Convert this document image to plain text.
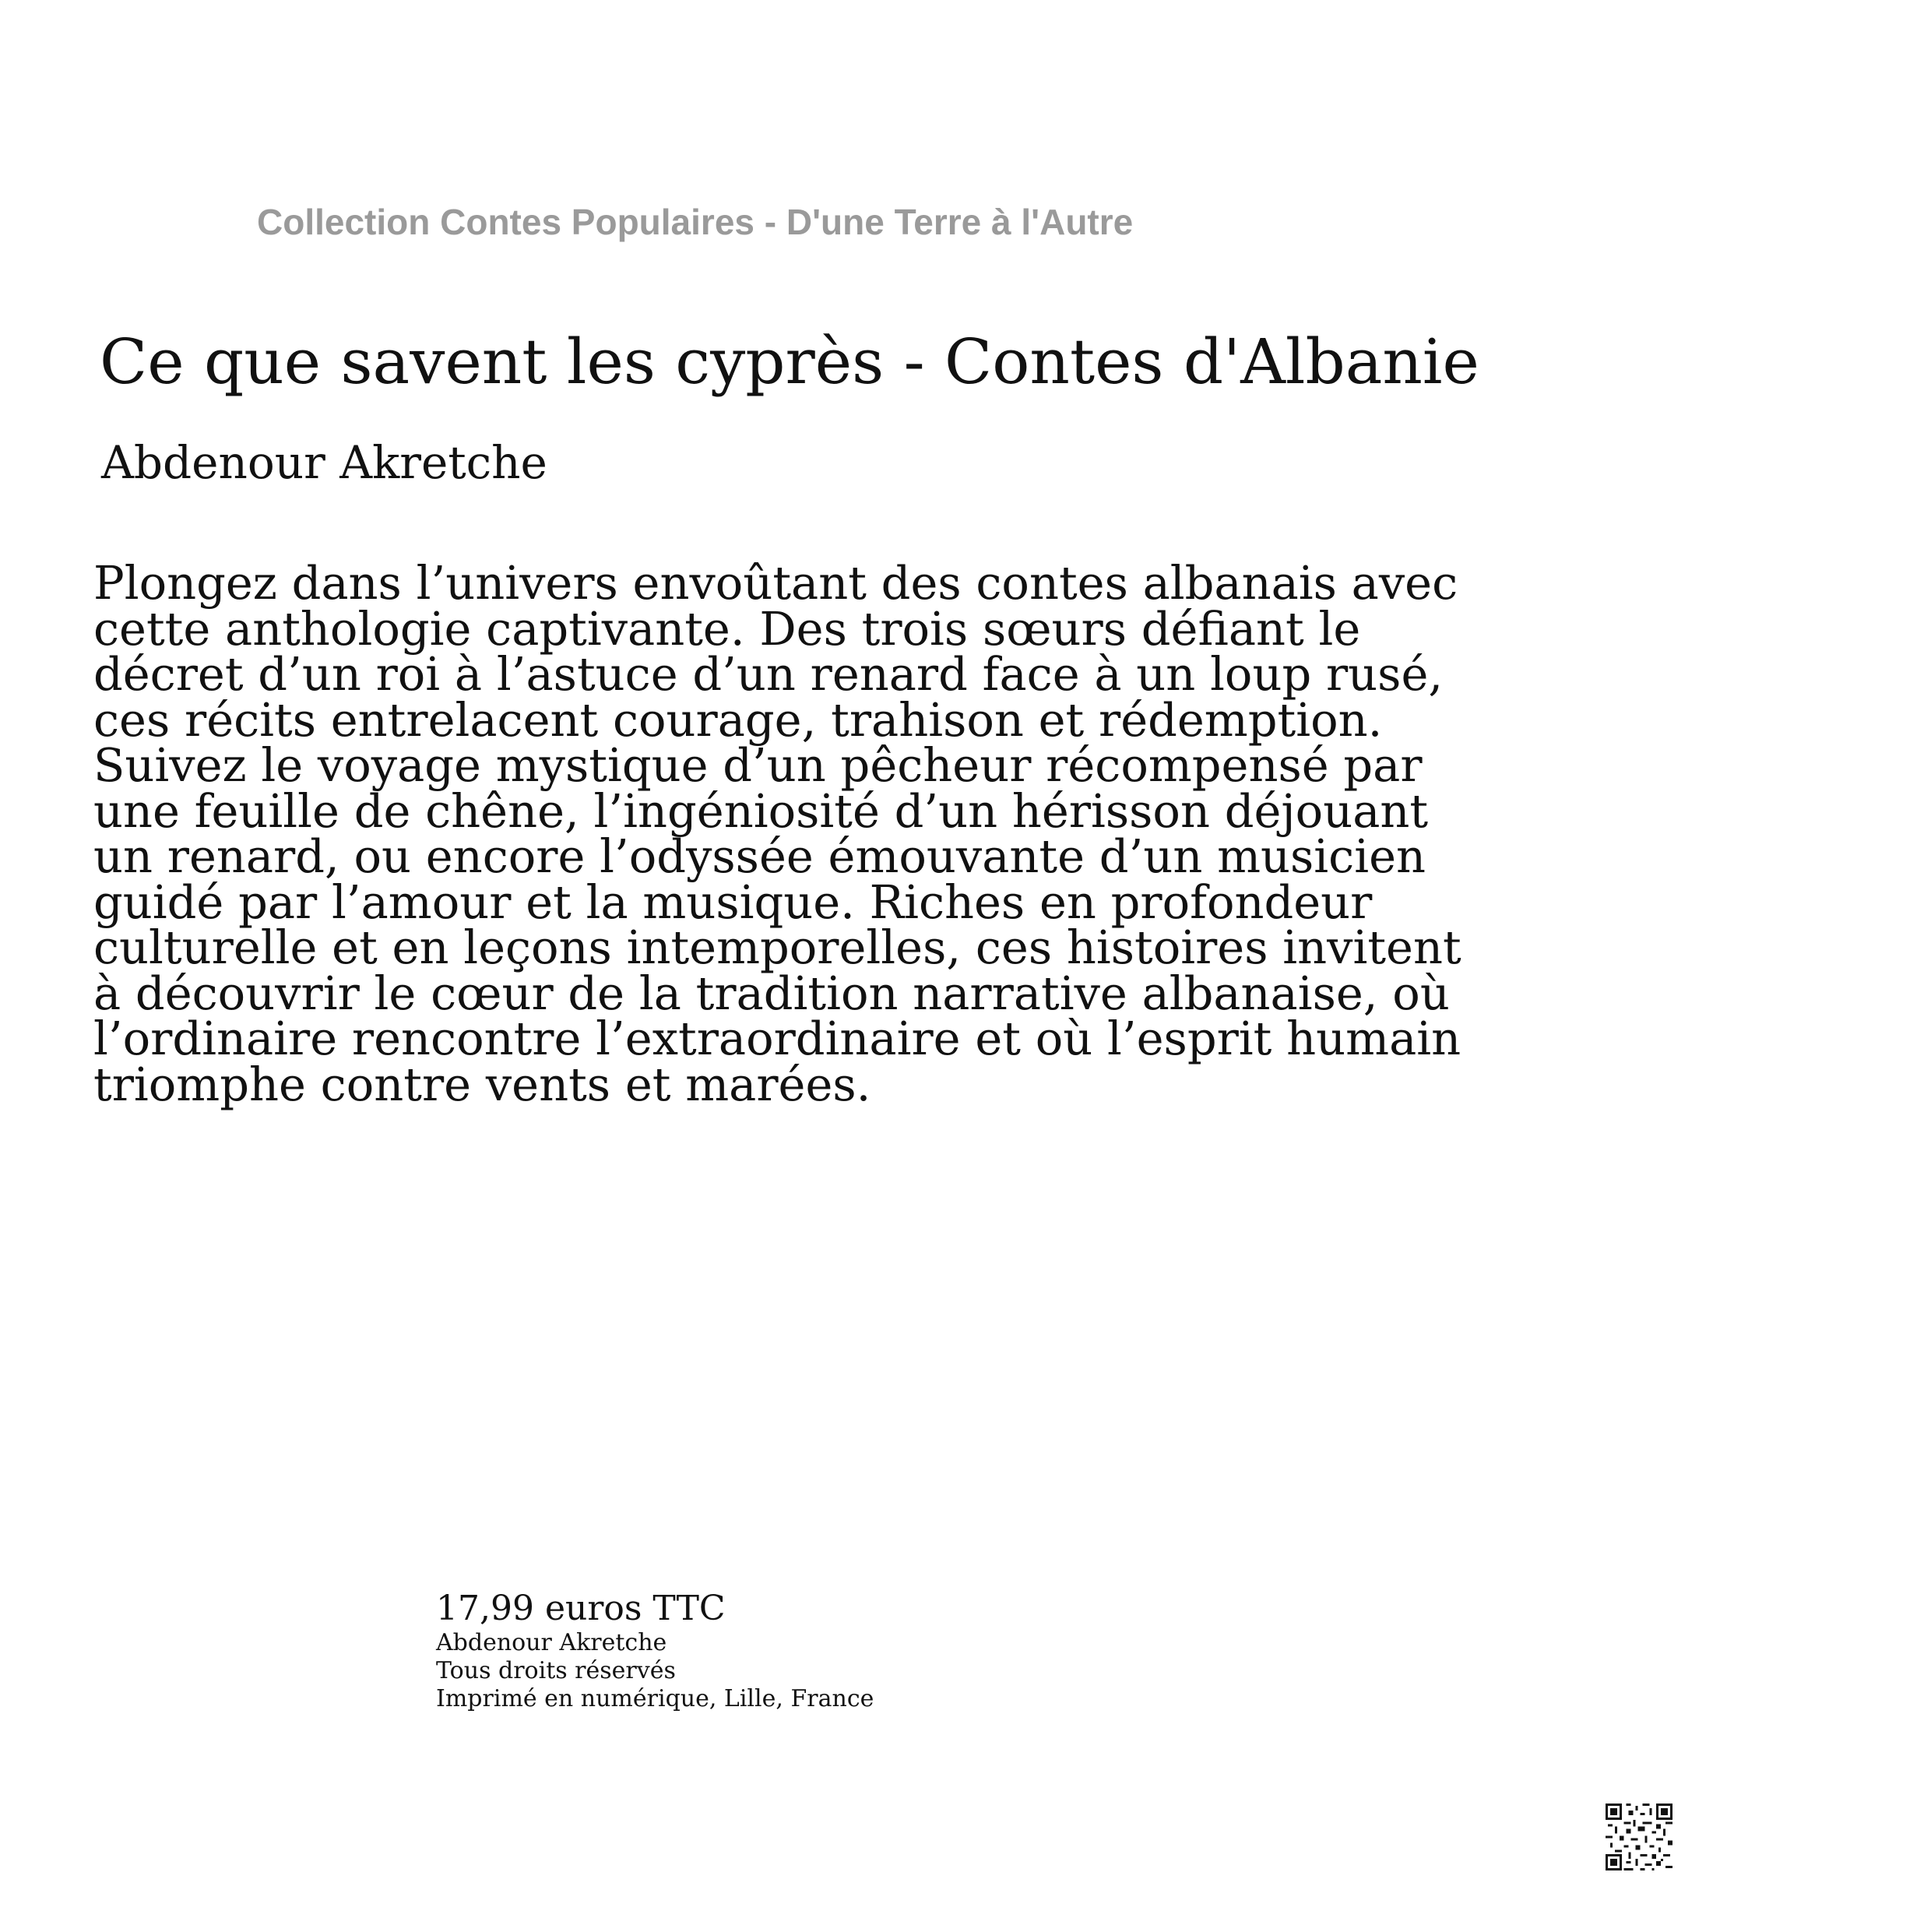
Collection Contes Populaires - D'une Terre à l'Autre
Ce que savent les cyprès - Contes d'Albanie
Abdenour Akretche

Plongez dans l’univers envoûtant des contes albanais avec cette anthologie captivante. Des trois sœurs défiant le décret d’un roi à l’astuce d’un renard face à un loup rusé, ces récits entrelacent courage, trahison et rédemption. Suivez le voyage mystique d’un pêcheur récompensé par une feuille de chêne, l’ingéniosité d’un hérisson déjouant un renard, ou encore l’odyssée émouvante d’un musicien guidé par l’amour et la musique. Riches en profondeur culturelle et en leçons intemporelles, ces histoires invitent à découvrir le cœur de la tradition narrative albanaise, où l’ordinaire rencontre l’extraordinaire et où l’esprit humain triomphe contre vents et marées.

17,99 euros TTC
Abdenour Akretche
Tous droits réservés
Imprimé en numérique, Lille, France
